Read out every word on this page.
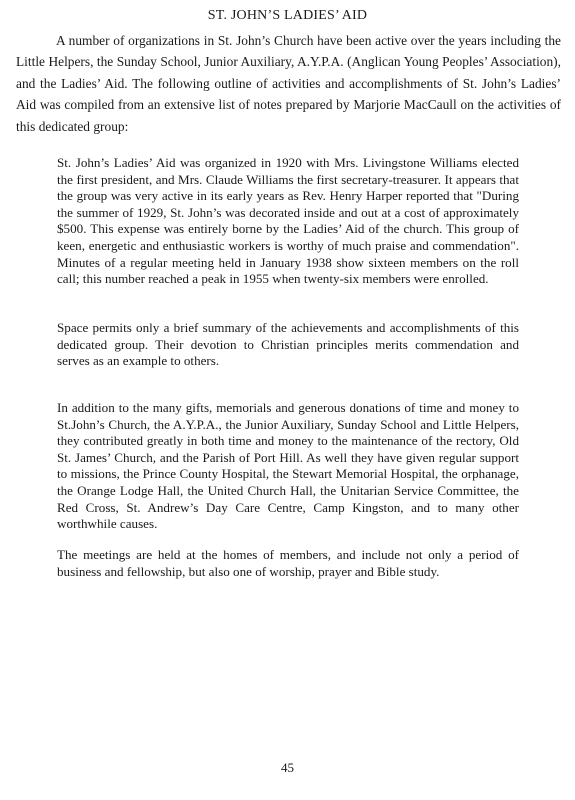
ST. JOHN’S LADIES’ AID

A number of organizations in St. John’s Church have been active over the years including the Little Helpers, the Sunday School, Junior Auxiliary, A.Y.P.A. (Anglican Young Peoples’ Association), and the Ladies’ Aid. The following outline of activities and accomplishments of St. John’s Ladies’ Aid was compiled from an extensive list of notes prepared by Marjorie MacCaull on the activities of this dedicated group:

St. John’s Ladies’ Aid was organized in 1920 with Mrs. Livingstone Williams elected the first president, and Mrs. Claude Williams the first secretary-treasurer. It appears that the group was very active in its early years as Rev. Henry Harper reported that "During the summer of 1929, St. John’s was decorated inside and out at a cost of approximately $500. This expense was entirely borne by the Ladies’ Aid of the church. This group of keen, energetic and enthusiastic workers is worthy of much praise and commendation". Minutes of a regular meeting held in January 1938 show sixteen members on the roll call; this number reached a peak in 1955 when twenty-six members were enrolled.

Space permits only a brief summary of the achievements and accomplishments of this dedicated group. Their devotion to Christian principles merits commendation and serves as an example to others.

In addition to the many gifts, memorials and generous donations of time and money to St.John’s Church, the A.Y.P.A., the Junior Auxiliary, Sunday School and Little Helpers, they contributed greatly in both time and money to the maintenance of the rectory, Old St. James’ Church, and the Parish of Port Hill. As well they have given regular support to missions, the Prince County Hospital, the Stewart Memorial Hospital, the orphanage, the Orange Lodge Hall, the United Church Hall, the Unitarian Service Committee, the Red Cross, St. Andrew’s Day Care Centre, Camp Kingston, and to many other worthwhile causes.

The meetings are held at the homes of members, and include not only a period of business and fellowship, but also one of worship, prayer and Bible study.

45
